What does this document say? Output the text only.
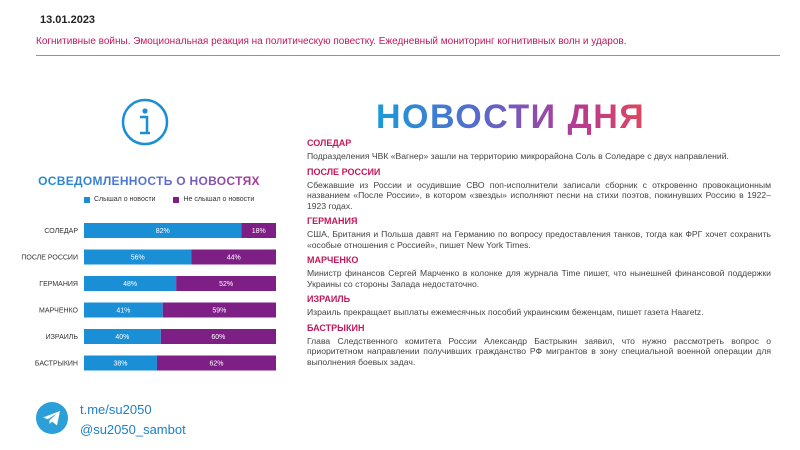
13.01.2023
Когнитивные войны. Эмоциональная реакция на политическую повестку. Ежедневный мониторинг когнитивных волн и ударов.
ОСВЕДОМЛЕННОСТЬ О НОВОСТЯХ
Слышал о новости	Не слышал о новости
СОЛЕДАР	82%	18%
ПОСЛЕ РОССИИ	56%	44%
ГЕРМАНИЯ	48%	52%
МАРЧЕНКО	41%	59%
ИЗРАИЛЬ	40%	60%
БАСТРЫКИН	38%	62%
t.me/su2050
@su2050_sambot
НОВОСТИ ДНЯ
СОЛЕДАР
Подразделения ЧВК «Вагнер» зашли на территорию микрорайона Соль в Соледаре с двух направлений.
ПОСЛЕ РОССИИ
Сбежавшие из России и осудившие СВО поп-исполнители записали сборник с откровенно провокационным названием «После России», в котором «звезды» исполняют песни на стихи поэтов, покинувших Россию в 1922–1923 годах.
ГЕРМАНИЯ
США, Британия и Польша давят на Германию по вопросу предоставления танков, тогда как ФРГ хочет сохранить «особые отношения с Россией», пишет New York Times.
МАРЧЕНКО
Министр финансов Сергей Марченко в колонке для журнала Time пишет, что нынешней финансовой поддержки Украины со стороны Запада недостаточно.
ИЗРАИЛЬ
Израиль прекращает выплаты ежемесячных пособий украинским беженцам, пишет газета Haaretz.
БАСТРЫКИН
Глава Следственного комитета России Александр Бастрыкин заявил, что нужно рассмотреть вопрос о приоритетном направлении получивших гражданство РФ мигрантов в зону специальной военной операции для выполнения боевых задач.
